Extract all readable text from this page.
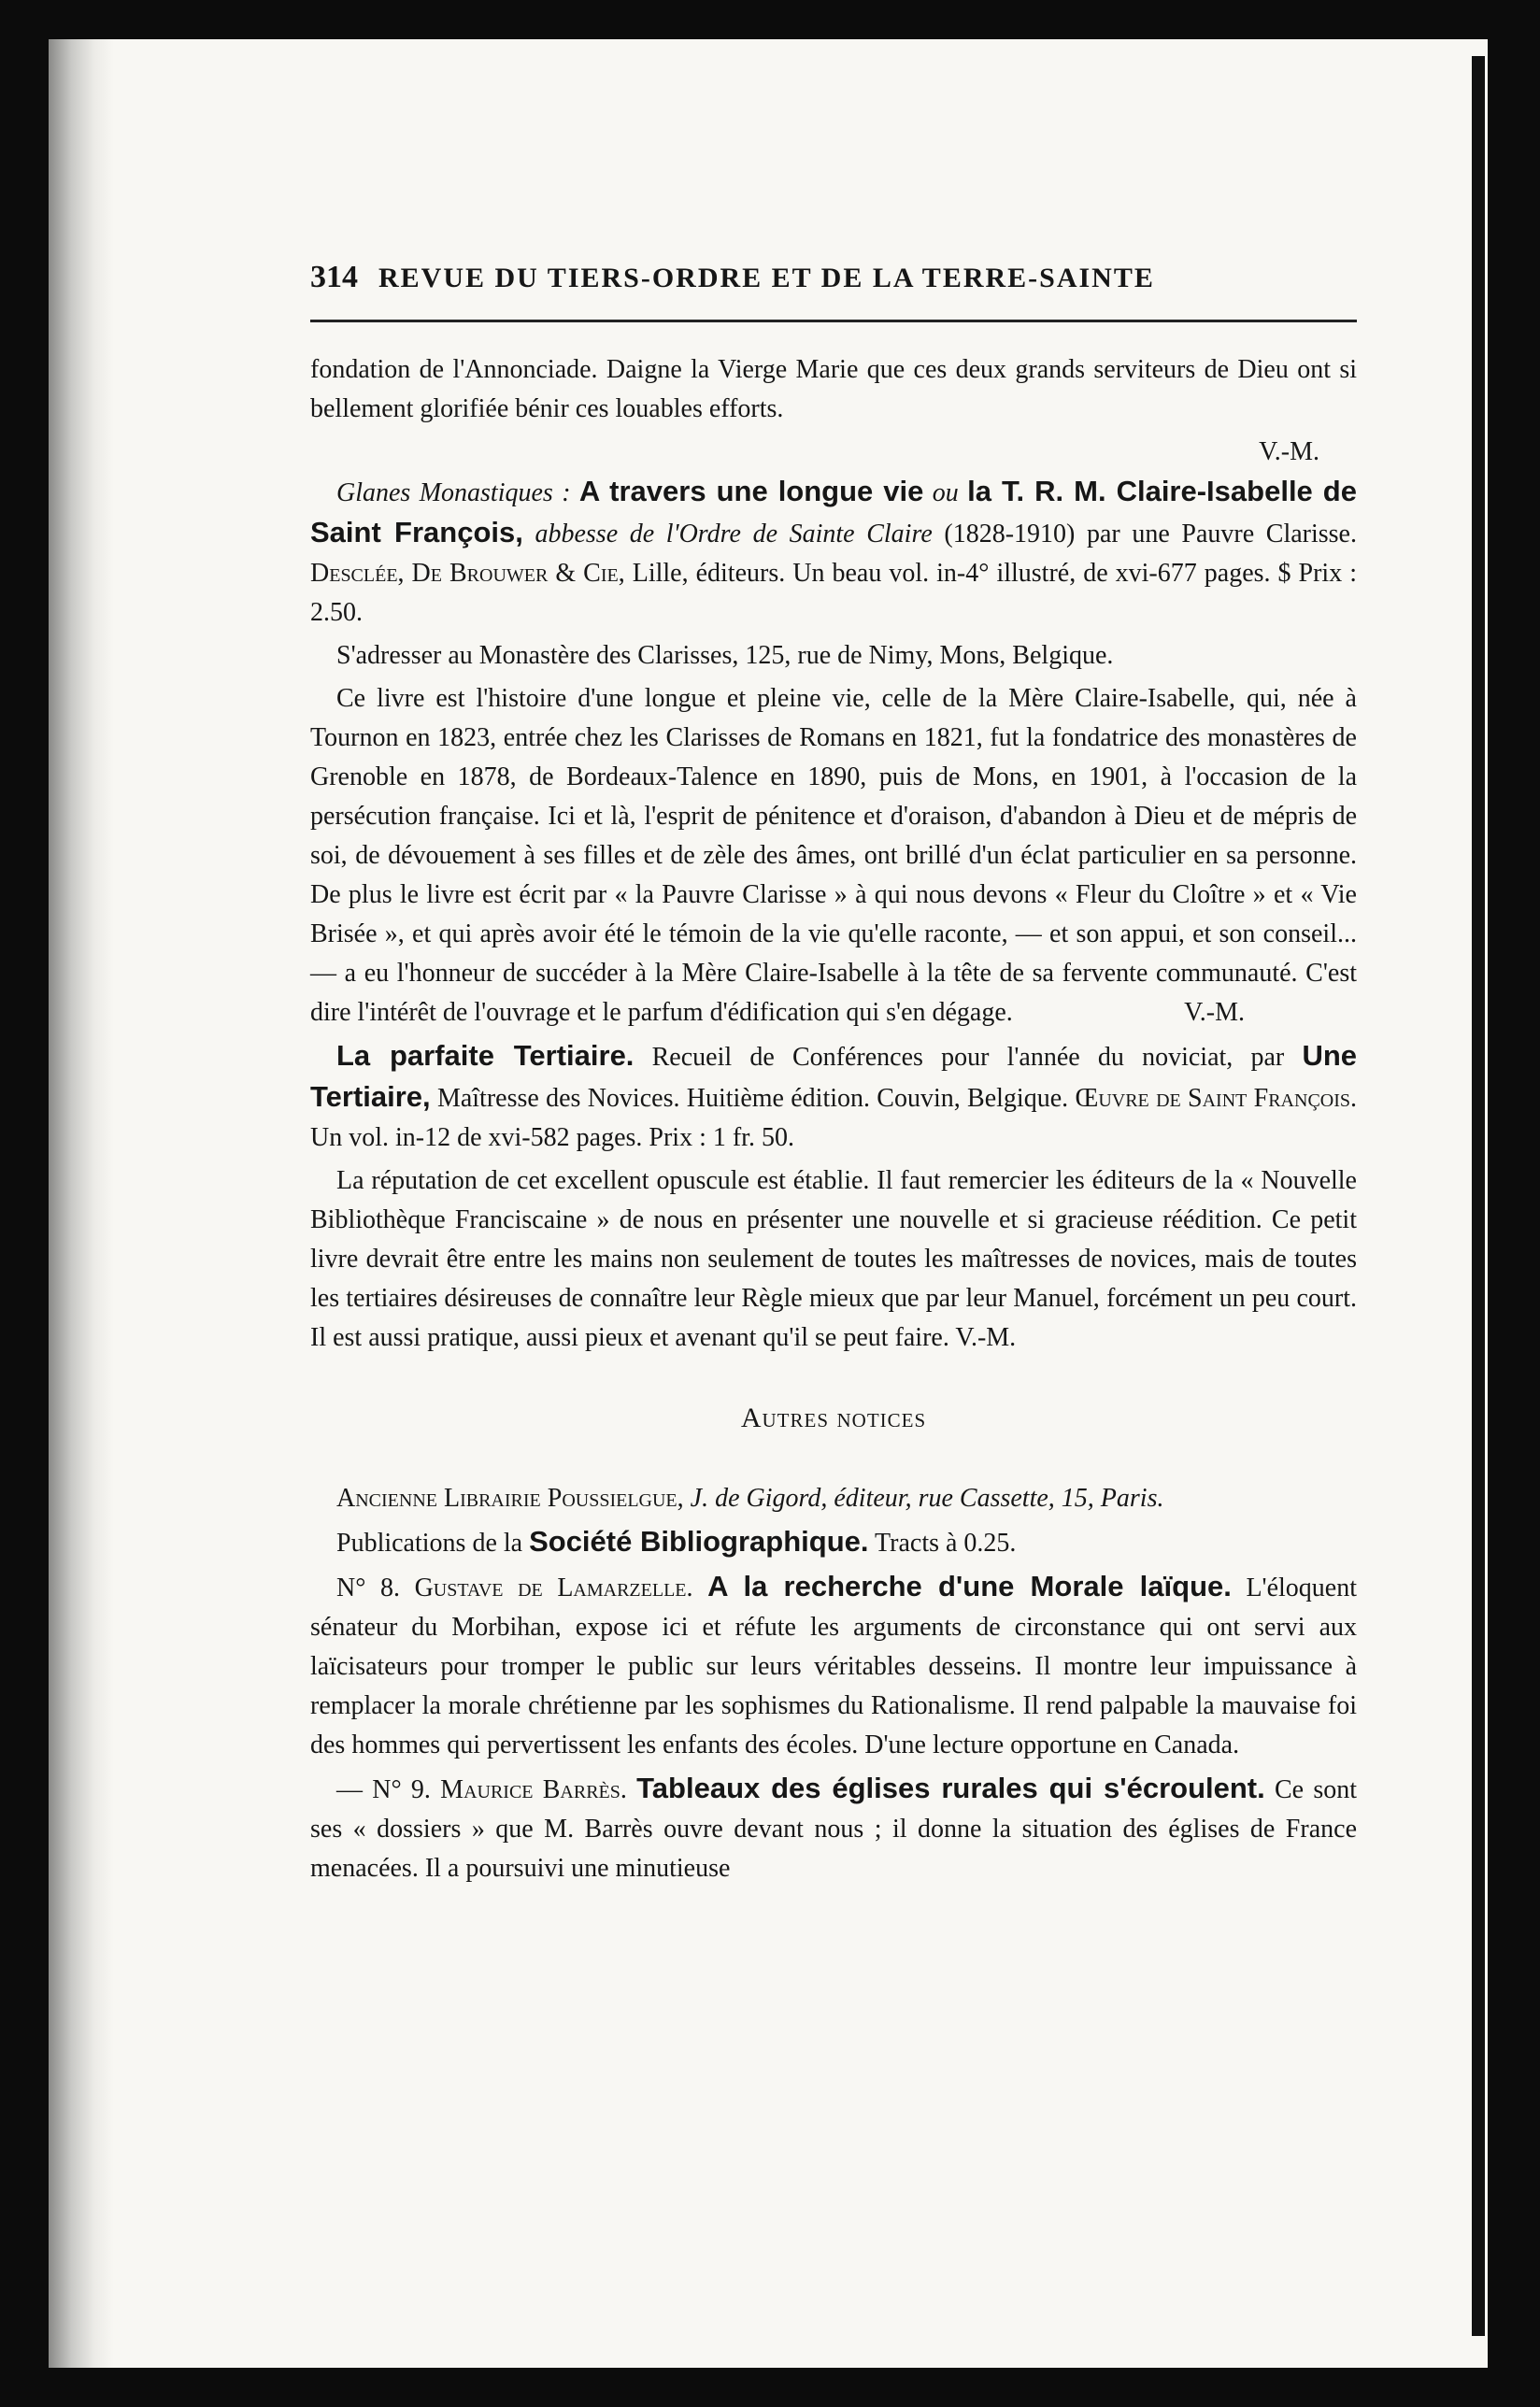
314 REVUE DU TIERS-ORDRE ET DE LA TERRE-SAINTE

fondation de l'Annonciade. Daigne la Vierge Marie que ces deux grands serviteurs de Dieu ont si bellement glorifiée bénir ces louables efforts.

V.-M.

Glanes Monastiques : A travers une longue vie ou la T. R. M. Claire-Isabelle de Saint François, abbesse de l'Ordre de Sainte Claire (1828-1910) par une Pauvre Clarisse. Desclée, De Brouwer & Cie, Lille, éditeurs. Un beau vol. in-4° illustré, de xvi-677 pages. $ Prix : 2.50.

S'adresser au Monastère des Clarisses, 125, rue de Nimy, Mons, Belgique.

Ce livre est l'histoire d'une longue et pleine vie, celle de la Mère Claire-Isabelle, qui, née à Tournon en 1823, entrée chez les Clarisses de Romans en 1821, fut la fondatrice des monastères de Grenoble en 1878, de Bordeaux-Talence en 1890, puis de Mons, en 1901, à l'occasion de la persécution française. Ici et là, l'esprit de pénitence et d'oraison, d'abandon à Dieu et de mépris de soi, de dévouement à ses filles et de zèle des âmes, ont brillé d'un éclat particulier en sa personne. De plus le livre est écrit par « la Pauvre Clarisse » à qui nous devons « Fleur du Cloître » et « Vie Brisée », et qui après avoir été le témoin de la vie qu'elle raconte, — et son appui, et son conseil... — a eu l'honneur de succéder à la Mère Claire-Isabelle à la tête de sa fervente communauté. C'est dire l'intérêt de l'ouvrage et le parfum d'édification qui s'en dégage.	V.-M.

La parfaite Tertiaire. Recueil de Conférences pour l'année du noviciat, par Une Tertiaire, Maîtresse des Novices. Huitième édition. Couvin, Belgique. Œuvre de Saint François. Un vol. in-12 de xvi-582 pages. Prix : 1 fr. 50.

La réputation de cet excellent opuscule est établie. Il faut remercier les éditeurs de la « Nouvelle Bibliothèque Franciscaine » de nous en présenter une nouvelle et si gracieuse réédition. Ce petit livre devrait être entre les mains non seulement de toutes les maîtresses de novices, mais de toutes les tertiaires désireuses de connaître leur Règle mieux que par leur Manuel, forcément un peu court. Il est aussi pratique, aussi pieux et avenant qu'il se peut faire. V.-M.

Autres notices

Ancienne Librairie Poussielgue, J. de Gigord, éditeur, rue Cassette, 15, Paris.

Publications de la Société Bibliographique. Tracts à 0.25.

N° 8. Gustave de Lamarzelle. A la recherche d'une Morale laïque. L'éloquent sénateur du Morbihan, expose ici et réfute les arguments de circonstance qui ont servi aux laïcisateurs pour tromper le public sur leurs véritables desseins. Il montre leur impuissance à remplacer la morale chrétienne par les sophismes du Rationalisme. Il rend palpable la mauvaise foi des hommes qui pervertissent les enfants des écoles. D'une lecture opportune en Canada.

— N° 9. Maurice Barrès. Tableaux des églises rurales qui s'écroulent. Ce sont ses « dossiers » que M. Barrès ouvre devant nous ; il donne la situation des églises de France menacées. Il a poursuivi une minutieuse
